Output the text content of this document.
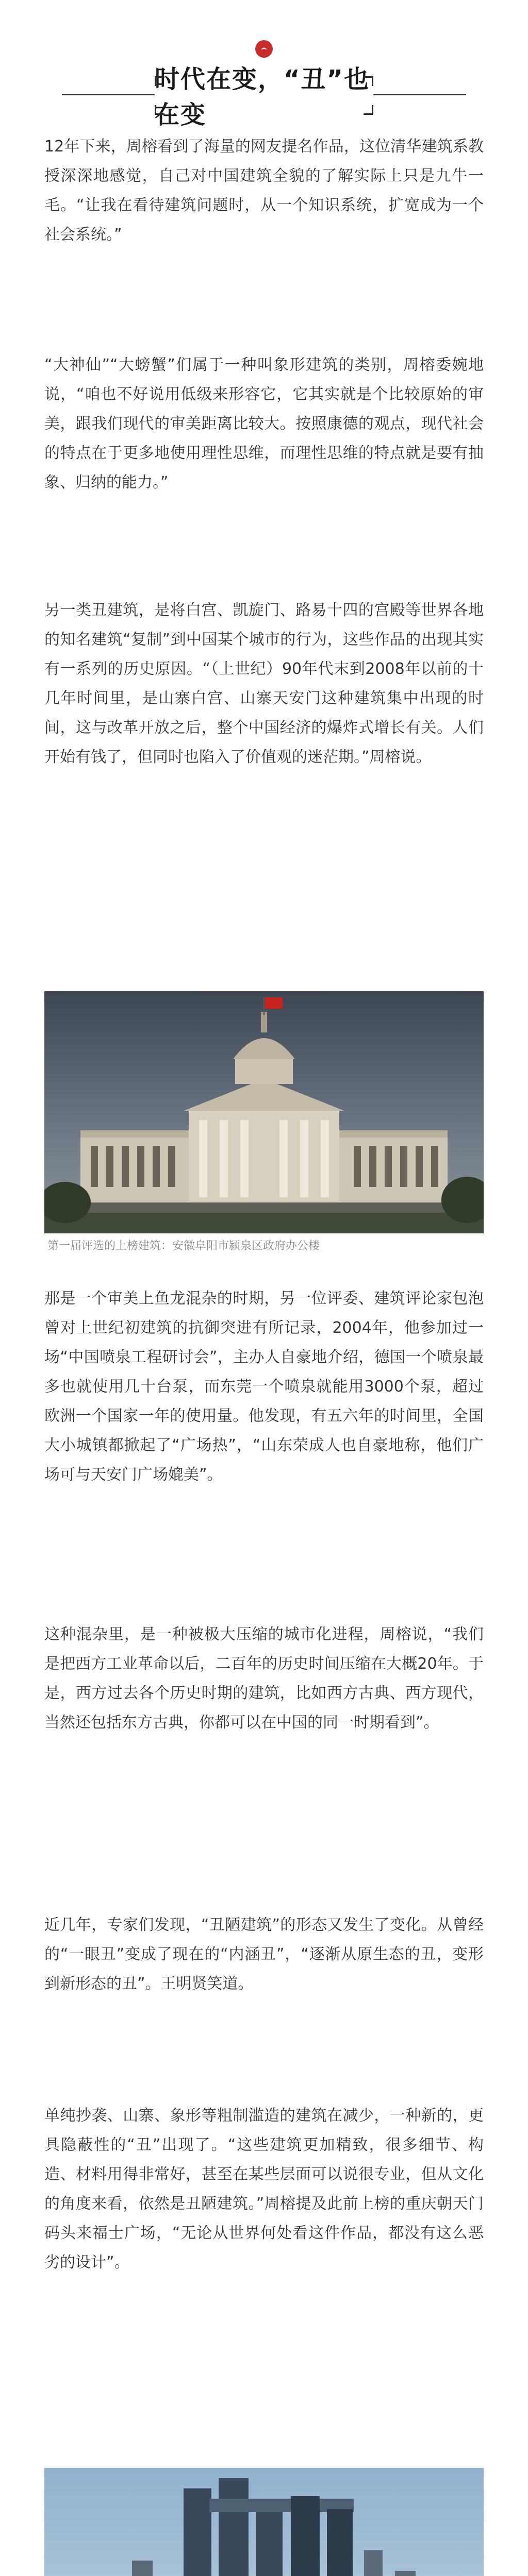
时代在变，“丑”也在变

12年下来，周榕看到了海量的网友提名作品，这位清华建筑系教授深深地感觉，自己对中国建筑全貌的了解实际上只是九牛一毛。“让我在看待建筑问题时，从一个知识系统，扩宽成为一个社会系统。”

“大神仙”“大螃蟹”们属于一种叫象形建筑的类别，周榕委婉地说，“咱也不好说用低级来形容它，它其实就是个比较原始的审美，跟我们现代的审美距离比较大。按照康德的观点，现代社会的特点在于更多地使用理性思维，而理性思维的特点就是要有抽象、归纳的能力。”

另一类丑建筑，是将白宫、凯旋门、路易十四的宫殿等世界各地的知名建筑“复制”到中国某个城市的行为，这些作品的出现其实有一系列的历史原因。“（上世纪）90年代末到2008年以前的十几年时间里，是山寨白宫、山寨天安门这种建筑集中出现的时间，这与改革开放之后，整个中国经济的爆炸式增长有关。人们开始有钱了，但同时也陷入了价值观的迷茫期。”周榕说。

第一届评选的上榜建筑：安徽阜阳市颍泉区政府办公楼

那是一个审美上鱼龙混杂的时期，另一位评委、建筑评论家包泡曾对上世纪初建筑的抗御突进有所记录，2004年，他参加过一场“中国喷泉工程研讨会”，主办人自豪地介绍，德国一个喷泉最多也就使用几十台泵，而东莞一个喷泉就能用3000个泵，超过欧洲一个国家一年的使用量。他发现，有五六年的时间里，全国大小城镇都掀起了“广场热”，“山东荣成人也自豪地称，他们广场可与天安门广场媲美”。

这种混杂里，是一种被极大压缩的城市化进程，周榕说，“我们是把西方工业革命以后，二百年的历史时间压缩在大概20年。于是，西方过去各个历史时期的建筑，比如西方古典、西方现代，当然还包括东方古典，你都可以在中国的同一时期看到”。

近几年，专家们发现，“丑陋建筑”的形态又发生了变化。从曾经的“一眼丑”变成了现在的“内涵丑”，“逐渐从原生态的丑，变形到新形态的丑”。王明贤笑道。

单纯抄袭、山寨、象形等粗制滥造的建筑在减少，一种新的，更具隐蔽性的“丑”出现了。“这些建筑更加精致，很多细节、构造、材料用得非常好，甚至在某些层面可以说很专业，但从文化的角度来看，依然是丑陋建筑。”周榕提及此前上榜的重庆朝天门码头来福士广场，“无论从世界何处看这件作品，都没有这么恶劣的设计”。
